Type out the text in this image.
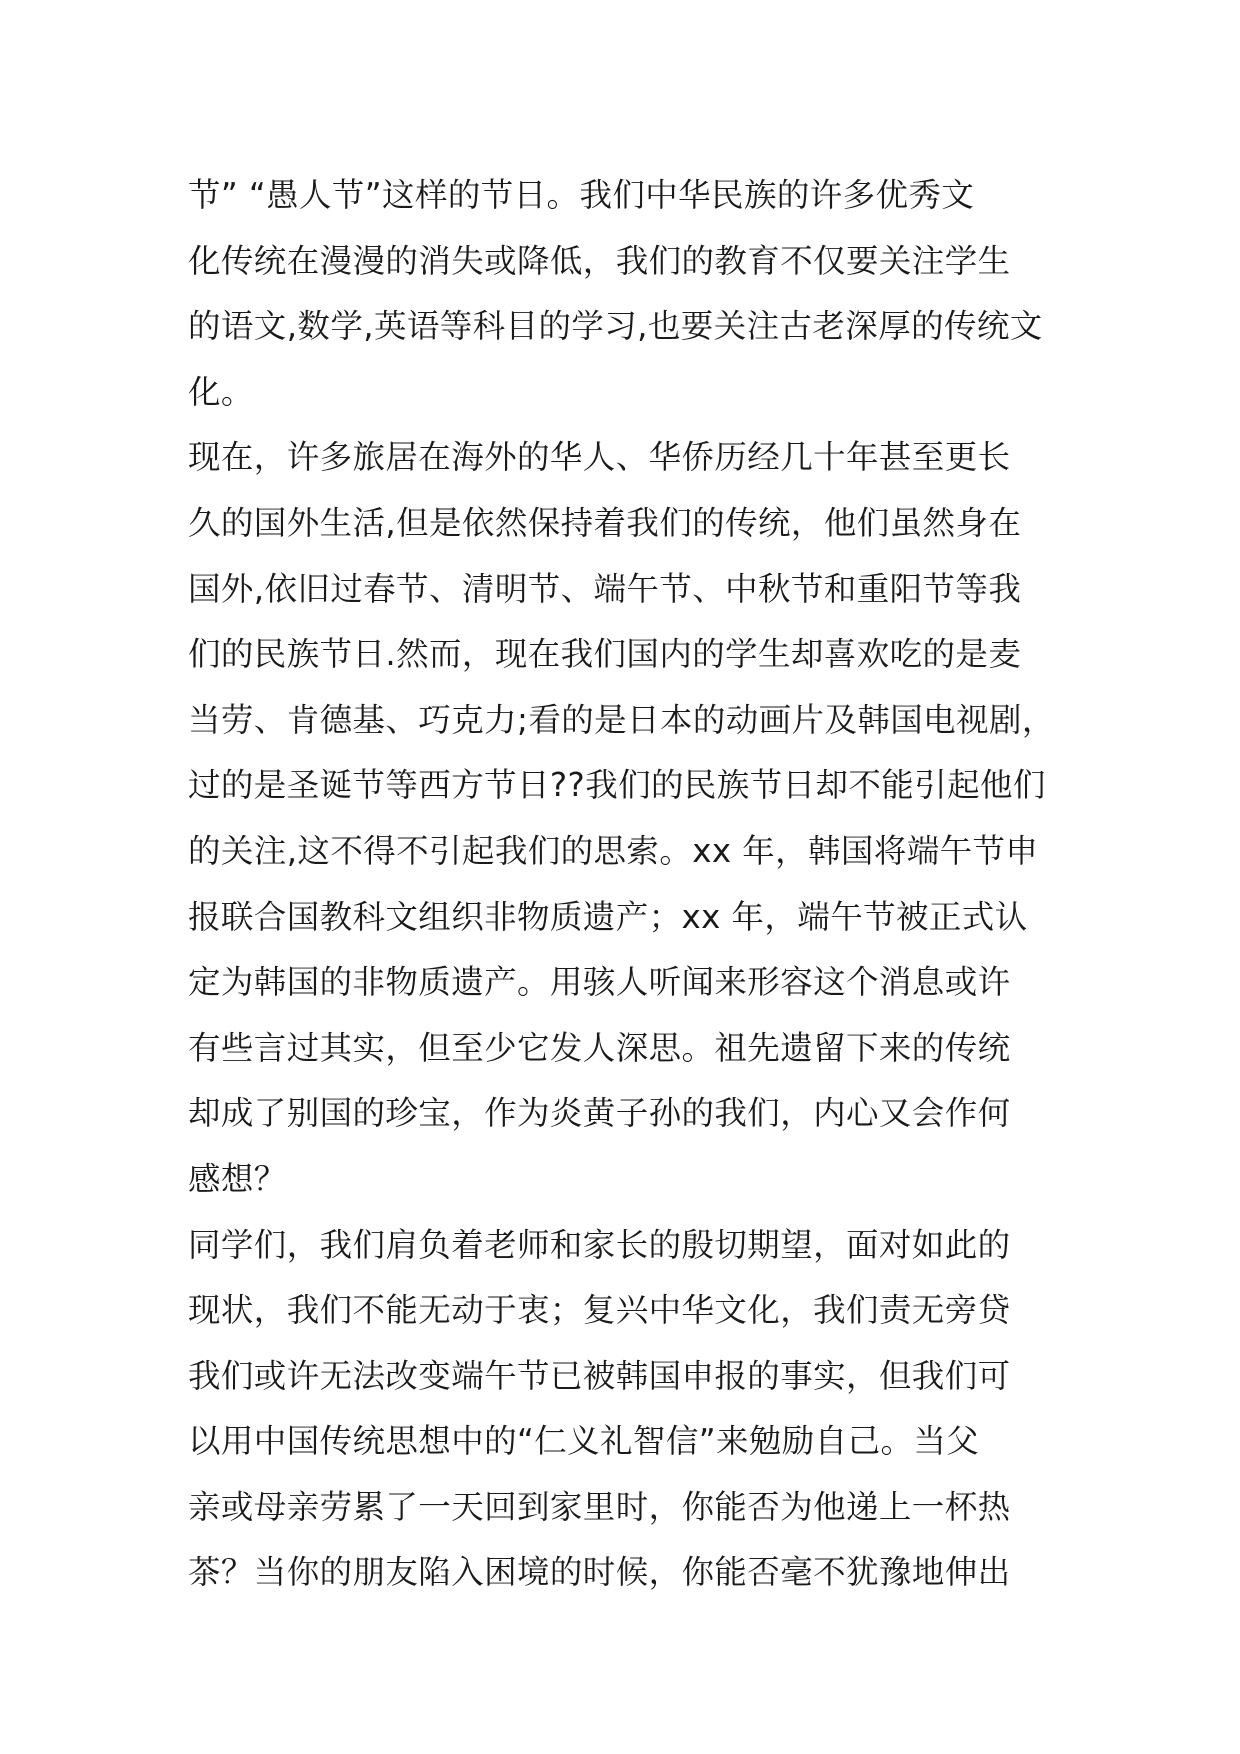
节” “愚人节”这样的节日。我们中华民族的许多优秀文
化传统在漫漫的消失或降低，我们的教育不仅要关注学生
的语文,数学,英语等科目的学习,也要关注古老深厚的传统文
化。
现在，许多旅居在海外的华人、华侨历经几十年甚至更长
久的国外生活,但是依然保持着我们的传统，他们虽然身在
国外,依旧过春节、清明节、端午节、中秋节和重阳节等我
们的民族节日.然而，现在我们国内的学生却喜欢吃的是麦
当劳、肯德基、巧克力;看的是日本的动画片及韩国电视剧，
过的是圣诞节等西方节日??我们的民族节日却不能引起他们
的关注,这不得不引起我们的思索。xx 年，韩国将端午节申
报联合国教科文组织非物质遗产；xx 年，端午节被正式认
定为韩国的非物质遗产。用骇人听闻来形容这个消息或许
有些言过其实，但至少它发人深思。祖先遗留下来的传统
却成了别国的珍宝，作为炎黄子孙的我们，内心又会作何
感想？
同学们，我们肩负着老师和家长的殷切期望，面对如此的
现状，我们不能无动于衷；复兴中华文化，我们责无旁贷
我们或许无法改变端午节已被韩国申报的事实，但我们可
以用中国传统思想中的“仁义礼智信”来勉励自己。当父
亲或母亲劳累了一天回到家里时，你能否为他递上一杯热
茶？当你的朋友陷入困境的时候，你能否毫不犹豫地伸出
